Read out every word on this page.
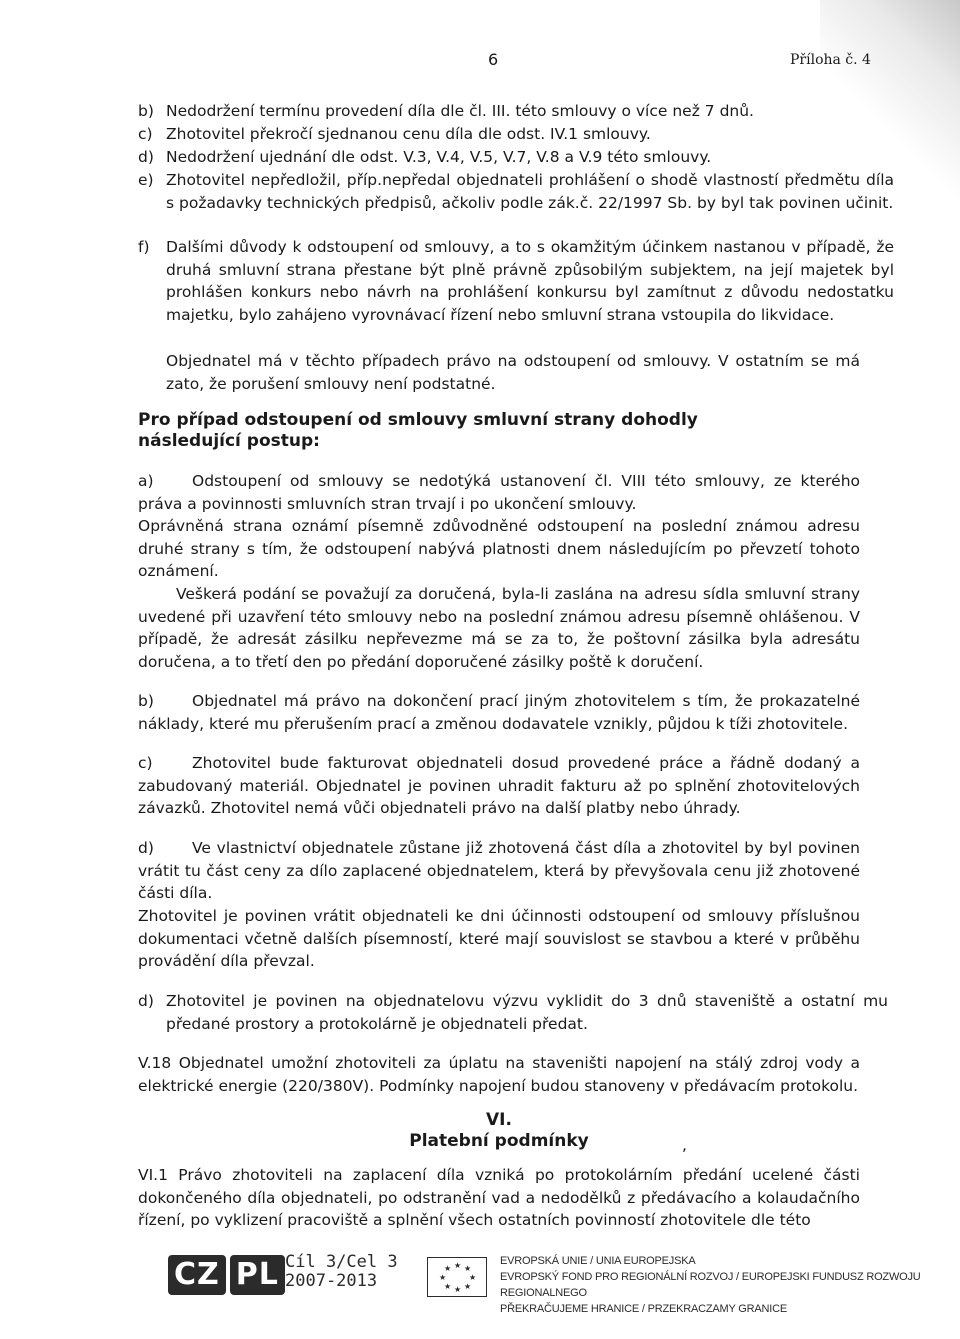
6	Příloha č. 4
b) Nedodržení termínu provedení díla dle čl. III. této smlouvy o více než 7 dnů.
c) Zhotovitel překročí sjednanou cenu díla dle odst. IV.1 smlouvy.
d) Nedodržení ujednání dle odst. V.3, V.4, V.5, V.7, V.8 a V.9 této smlouvy.
e) Zhotovitel nepředložil, příp.nepředal objednateli prohlášení o shodě vlastností předmětu díla s požadavky technických předpisů, ačkoliv podle zák.č. 22/1997 Sb. by byl tak povinen učinit.
f) Dalšími důvody k odstoupení od smlouvy, a to s okamžitým účinkem nastanou v případě, že druhá smluvní strana přestane být plně právně způsobilým subjektem, na její majetek byl prohlášen konkurs nebo návrh na prohlášení konkursu byl zamítnut z důvodu nedostatku majetku, bylo zahájeno vyrovnávací řízení nebo smluvní strana vstoupila do likvidace.
Objednatel má v těchto případech právo na odstoupení od smlouvy. V ostatním se má zato, že porušení smlouvy není podstatné.
Pro případ odstoupení od smlouvy smluvní strany dohodly následující postup:
a) Odstoupení od smlouvy se nedotýká ustanovení čl. VIII této smlouvy, ze kterého práva a povinnosti smluvních stran trvají i po ukončení smlouvy.
Oprávněná strana oznámí písemně zdůvodněné odstoupení na poslední známou adresu druhé strany s tím, že odstoupení nabývá platnosti dnem následujícím po převzetí tohoto oznámení.
Veškerá podání se považují za doručená, byla-li zaslána na adresu sídla smluvní strany uvedené při uzavření této smlouvy nebo na poslední známou adresu písemně ohlášenou. V případě, že adresát zásilku nepřevezme má se za to, že poštovní zásilka byla adresátu doručena, a to třetí den po předání doporučené zásilky poště k doručení.
b) Objednatel má právo na dokončení prací jiným zhotovitelem s tím, že prokazatelné náklady, které mu přerušením prací a změnou dodavatele vznikly, půjdou k tíži zhotovitele.
c)	Zhotovitel bude fakturovat objednateli dosud provedené práce a řádně dodaný a zabudovaný materiál. Objednatel je povinen uhradit fakturu až po splnění zhotovitelových závazků. Zhotovitel nemá vůči objednateli právo na další platby nebo úhrady.
d) Ve vlastnictví objednatele zůstane již zhotovená část díla a zhotovitel by byl povinen vrátit tu část ceny za dílo zaplacené objednatelem, která by převyšovala cenu již zhotovené části díla.
Zhotovitel je povinen vrátit objednateli ke dni účinnosti odstoupení od smlouvy příslušnou dokumentaci včetně dalších písemností, které mají souvislost se stavbou a které v průběhu provádění díla převzal.
d) Zhotovitel je povinen na objednatelovu výzvu vyklidit do 3 dnů staveniště a ostatní mu předané prostory a protokolárně je objednateli předat.
V.18 Objednatel umožní zhotoviteli za úplatu na staveništi napojení na stálý zdroj vody a elektrické energie (220/380V). Podmínky napojení budou stanoveny v předávacím protokolu.
VI.
Platební podmínky	,
VI.1 Právo zhotoviteli na zaplacení díla vzniká po protokolárním předání ucelené části dokončeného díla objednateli, po odstranění vad a nedodělků z předávacího a kolaudačního řízení, po vyklizení pracoviště a splnění všech ostatních povinností zhotovitele dle této
CZ PL Cíl 3/Cel 3
2007-2013
★ ★
★
★
★
★
★
★
EVROPSKÁ UNIE / UNIA EUROPEJSKA
EVROPSKÝ FOND PRO REGIONÁLNÍ ROZVOJ / EUROPEJSKI FUNDUSZ ROZWOJU REGIONALNEGO
PŘEKRAČUJEME HRANICE / PRZEKRACZAMY GRANICE
